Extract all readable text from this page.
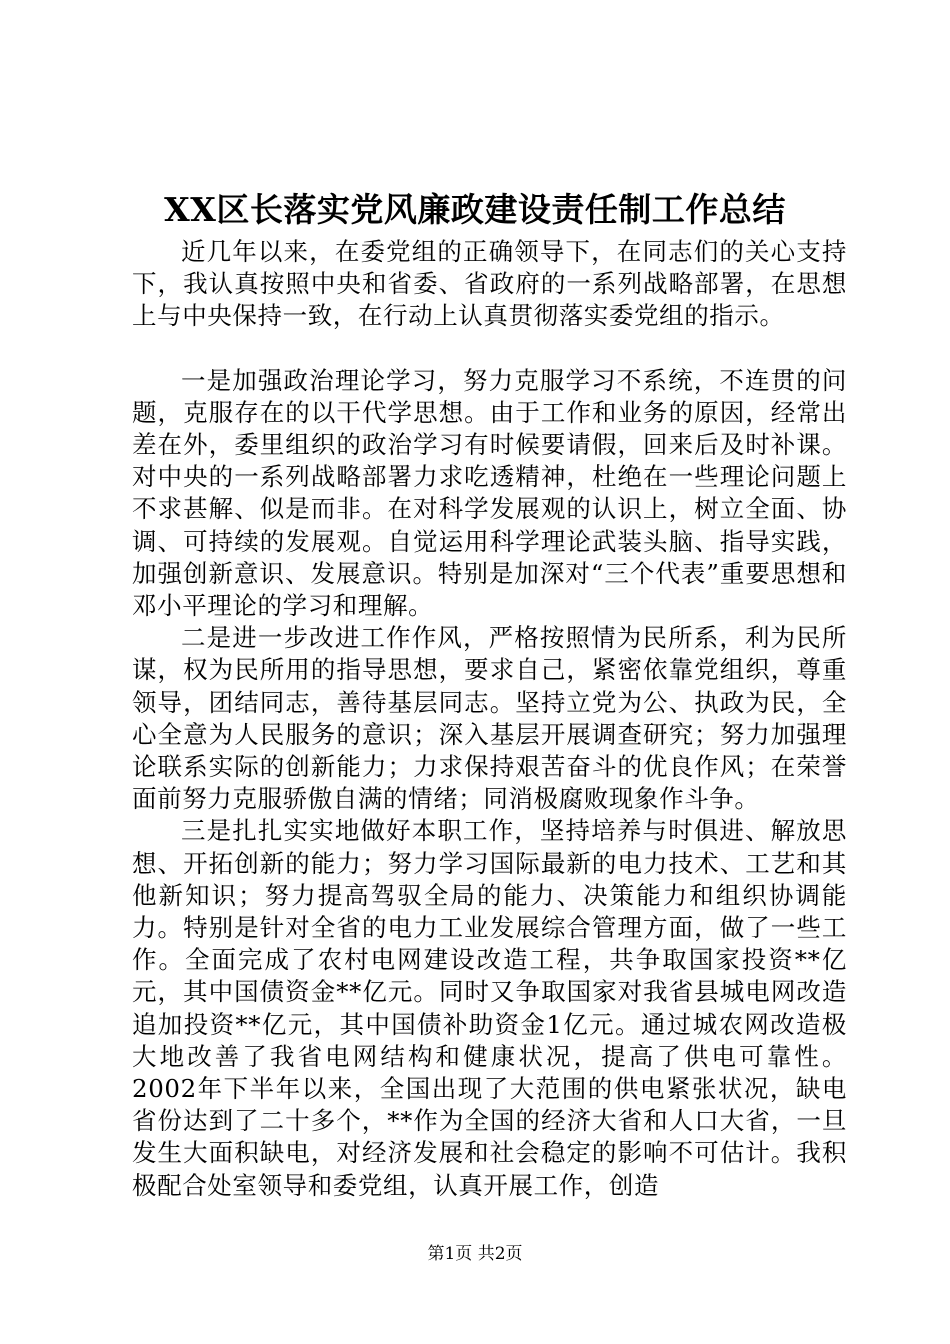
XX区长落实党风廉政建设责任制工作总结

近几年以来，在委党组的正确领导下，在同志们的关心支持下，我认真按照中央和省委、省政府的一系列战略部署，在思想上与中央保持一致，在行动上认真贯彻落实委党组的指示。

一是加强政治理论学习，努力克服学习不系统，不连贯的问题，克服存在的以干代学思想。由于工作和业务的原因，经常出差在外，委里组织的政治学习有时候要请假，回来后及时补课。对中央的一系列战略部署力求吃透精神，杜绝在一些理论问题上不求甚解、似是而非。在对科学发展观的认识上，树立全面、协调、可持续的发展观。自觉运用科学理论武装头脑、指导实践，加强创新意识、发展意识。特别是加深对“三个代表”重要思想和邓小平理论的学习和理解。

二是进一步改进工作作风，严格按照情为民所系，利为民所谋，权为民所用的指导思想，要求自己，紧密依靠党组织，尊重领导，团结同志，善待基层同志。坚持立党为公、执政为民，全心全意为人民服务的意识；深入基层开展调查研究；努力加强理论联系实际的创新能力；力求保持艰苦奋斗的优良作风；在荣誉面前努力克服骄傲自满的情绪；同消极腐败现象作斗争。

三是扎扎实实地做好本职工作，坚持培养与时俱进、解放思想、开拓创新的能力；努力学习国际最新的电力技术、工艺和其他新知识；努力提高驾驭全局的能力、决策能力和组织协调能力。特别是针对全省的电力工业发展综合管理方面，做了一些工作。全面完成了农村电网建设改造工程，共争取国家投资**亿元，其中国债资金**亿元。同时又争取国家对我省县城电网改造追加投资**亿元，其中国债补助资金1亿元。通过城农网改造极大地改善了我省电网结构和健康状况，提高了供电可靠性。2002年下半年以来，全国出现了大范围的供电紧张状况，缺电省份达到了二十多个，**作为全国的经济大省和人口大省，一旦发生大面积缺电，对经济发展和社会稳定的影响不可估计。我积极配合处室领导和委党组，认真开展工作，创造

第1页 共2页
